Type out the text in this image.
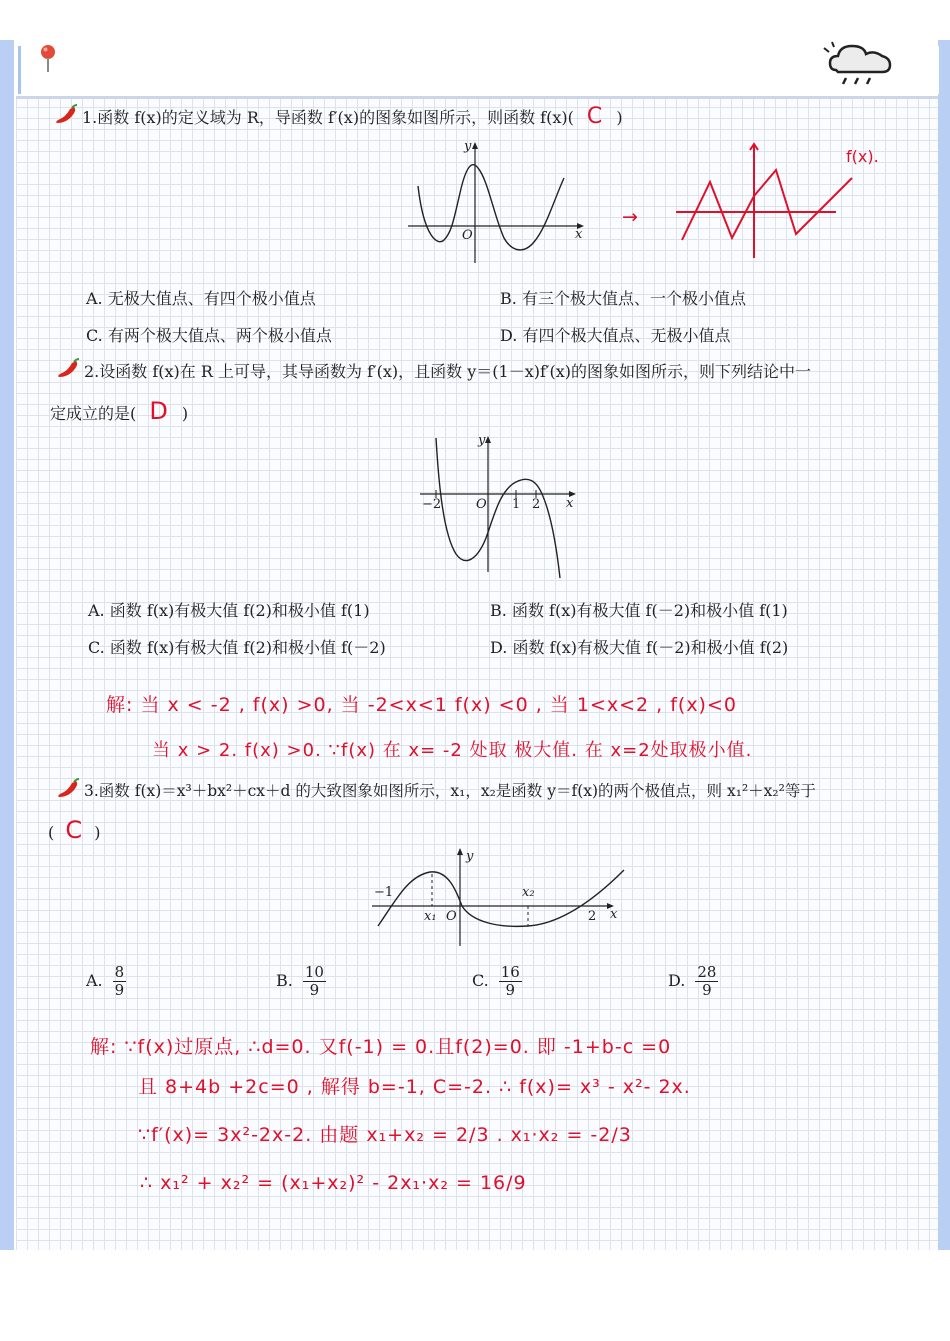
1.函数 f(x)的定义域为 R，导函数 f′(x)的图象如图所示，则函数 f(x)( C )
y
x
O
→
f(x).
A. 无极大值点、有四个极小值点	B. 有三个极大值点、一个极小值点
C. 有两个极大值点、两个极小值点	D. 有四个极大值点、无极小值点
2.设函数 f(x)在 R 上可导，其导函数为 f′(x)，且函数 y＝(1－x)f′(x)的图象如图所示，则下列结论中一
定成立的是( D )
y
x
O
−2	1 2
A. 函数 f(x)有极大值 f(2)和极小值 f(1)	B. 函数 f(x)有极大值 f(－2)和极小值 f(1)
C. 函数 f(x)有极大值 f(2)和极小值 f(－2)	D. 函数 f(x)有极大值 f(－2)和极小值 f(2)
解: 当 x < -2 , f(x) >0, 当 -2<x<1 f(x) <0 , 当 1<x<2 , f(x)<0
当 x > 2. f(x) >0. ∵f(x) 在 x= -2 处取 极大值. 在 x=2处取极小值.
3.函数 f(x)＝x³＋bx²＋cx＋d 的大致图象如图所示，x₁，x₂是函数 y＝f(x)的两个极值点，则 x₁²＋x₂²等于
( C )
y
x
O
−1
x₁
x₂
2
A. $\frac{8}{9}$	B. $\frac{10}{9}$	C. $\frac{16}{9}$	D. $\frac{28}{9}$
解: ∵f(x)过原点, ∴d=0. 又f(-1) = 0.且f(2)=0. 即 -1+b-c =0
且 8+4b +2c=0 , 解得 b=-1, C=-2. ∴ f(x)= x³ - x²- 2x.
∵f′(x)= 3x²-2x-2. 由题 x₁+x₂ = 2/3 . x₁·x₂ = -2/3
∴ x₁² + x₂² = (x₁+x₂)² - 2x₁·x₂ = 16/9
